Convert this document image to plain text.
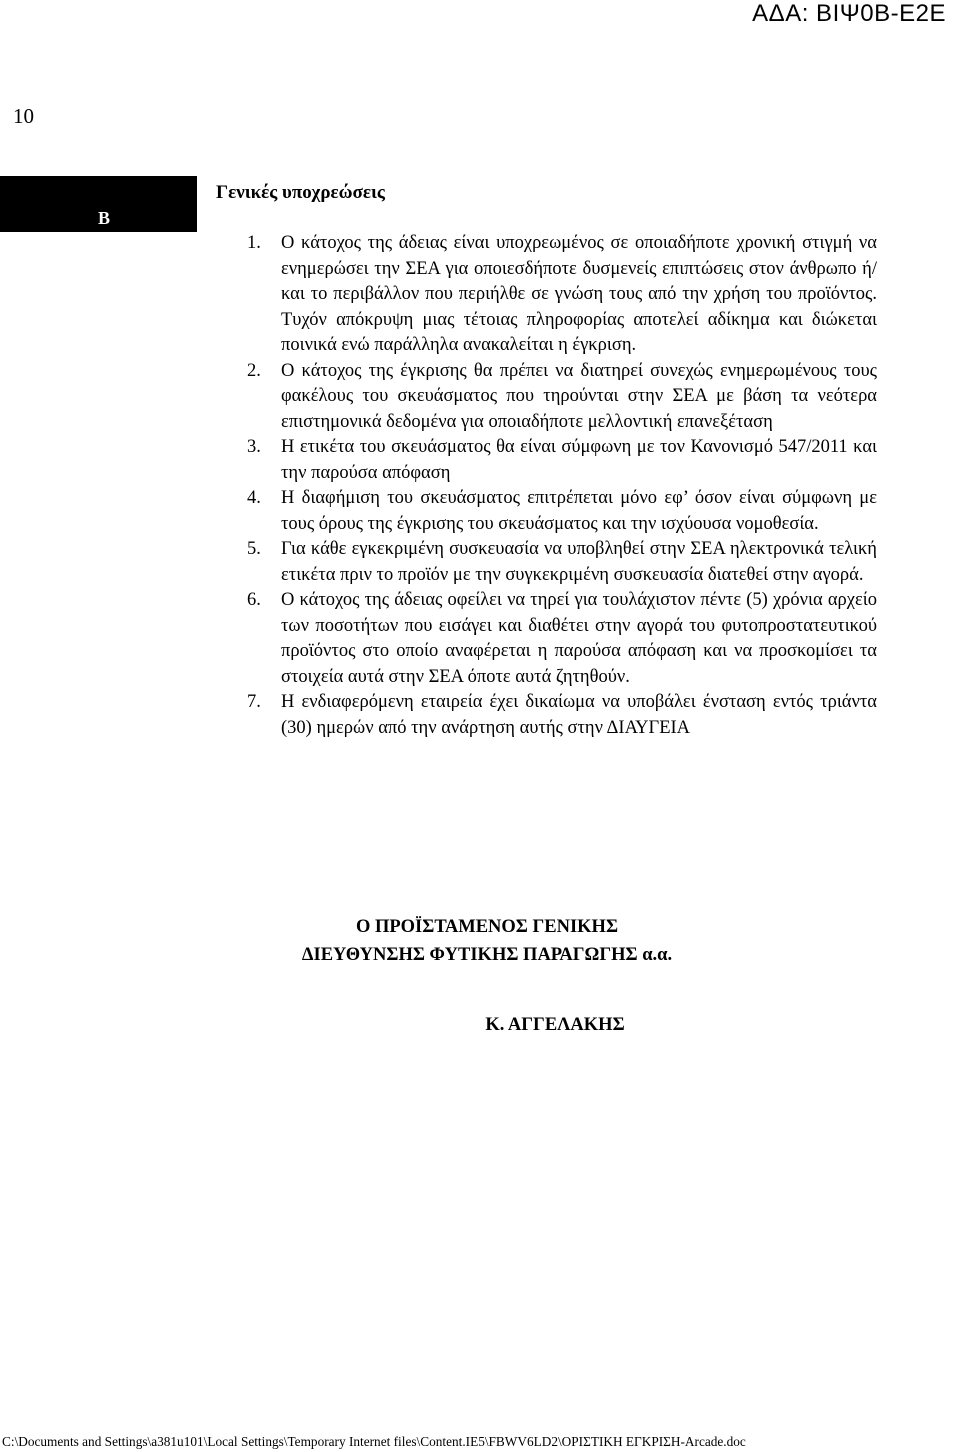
ΑΔΑ: ΒΙΨ0Β-Ε2Ε
10
Β
Γενικές υποχρεώσεις
1. Ο κάτοχος της άδειας είναι υποχρεωμένος σε οποιαδήποτε χρονική στιγμή να ενημερώσει την ΣΕΑ για οποιεσδήποτε δυσμενείς επιπτώσεις στον άνθρωπο ή/και το περιβάλλον που περιήλθε σε γνώση τους από την χρήση του προϊόντος. Τυχόν απόκρυψη μιας τέτοιας πληροφορίας αποτελεί αδίκημα και διώκεται ποινικά ενώ παράλληλα ανακαλείται η έγκριση.
2. Ο κάτοχος της έγκρισης θα πρέπει να διατηρεί συνεχώς ενημερωμένους τους φακέλους του σκευάσματος που τηρούνται στην ΣΕΑ με βάση τα νεότερα επιστημονικά δεδομένα για οποιαδήποτε μελλοντική επανεξέταση
3. Η ετικέτα του σκευάσματος θα είναι σύμφωνη με τον Κανονισμό 547/2011 και την παρούσα απόφαση
4. Η διαφήμιση του σκευάσματος επιτρέπεται μόνο εφ’ όσον είναι σύμφωνη με τους όρους της έγκρισης του σκευάσματος και την ισχύουσα νομοθεσία.
5. Για κάθε εγκεκριμένη συσκευασία να υποβληθεί στην ΣΕΑ ηλεκτρονικά τελική ετικέτα πριν το προϊόν με την συγκεκριμένη συσκευασία διατεθεί στην αγορά.
6. Ο κάτοχος της άδειας οφείλει να τηρεί για τουλάχιστον πέντε (5) χρόνια αρχείο των ποσοτήτων που εισάγει και διαθέτει στην αγορά του φυτοπροστατευτικού προϊόντος στο οποίο αναφέρεται η παρούσα απόφαση και να προσκομίσει τα στοιχεία αυτά στην ΣΕΑ όποτε αυτά ζητηθούν.
7. Η ενδιαφερόμενη εταιρεία έχει δικαίωμα να υποβάλει ένσταση εντός τριάντα (30) ημερών από την ανάρτηση αυτής στην ΔΙΑΥΓΕΙΑ
Ο ΠΡΟΪΣΤΑΜΕΝΟΣ ΓΕΝΙΚΗΣ
ΔΙΕΥΘΥΝΣΗΣ ΦΥΤΙΚΗΣ ΠΑΡΑΓΩΓΗΣ α.α.
Κ. ΑΓΓΕΛΑΚΗΣ
C:\Documents and Settings\a381u101\Local Settings\Temporary Internet files\Content.IE5\FBWV6LD2\ΟΡΙΣΤΙΚΗ ΕΓΚΡΙΣΗ-Arcade.doc
